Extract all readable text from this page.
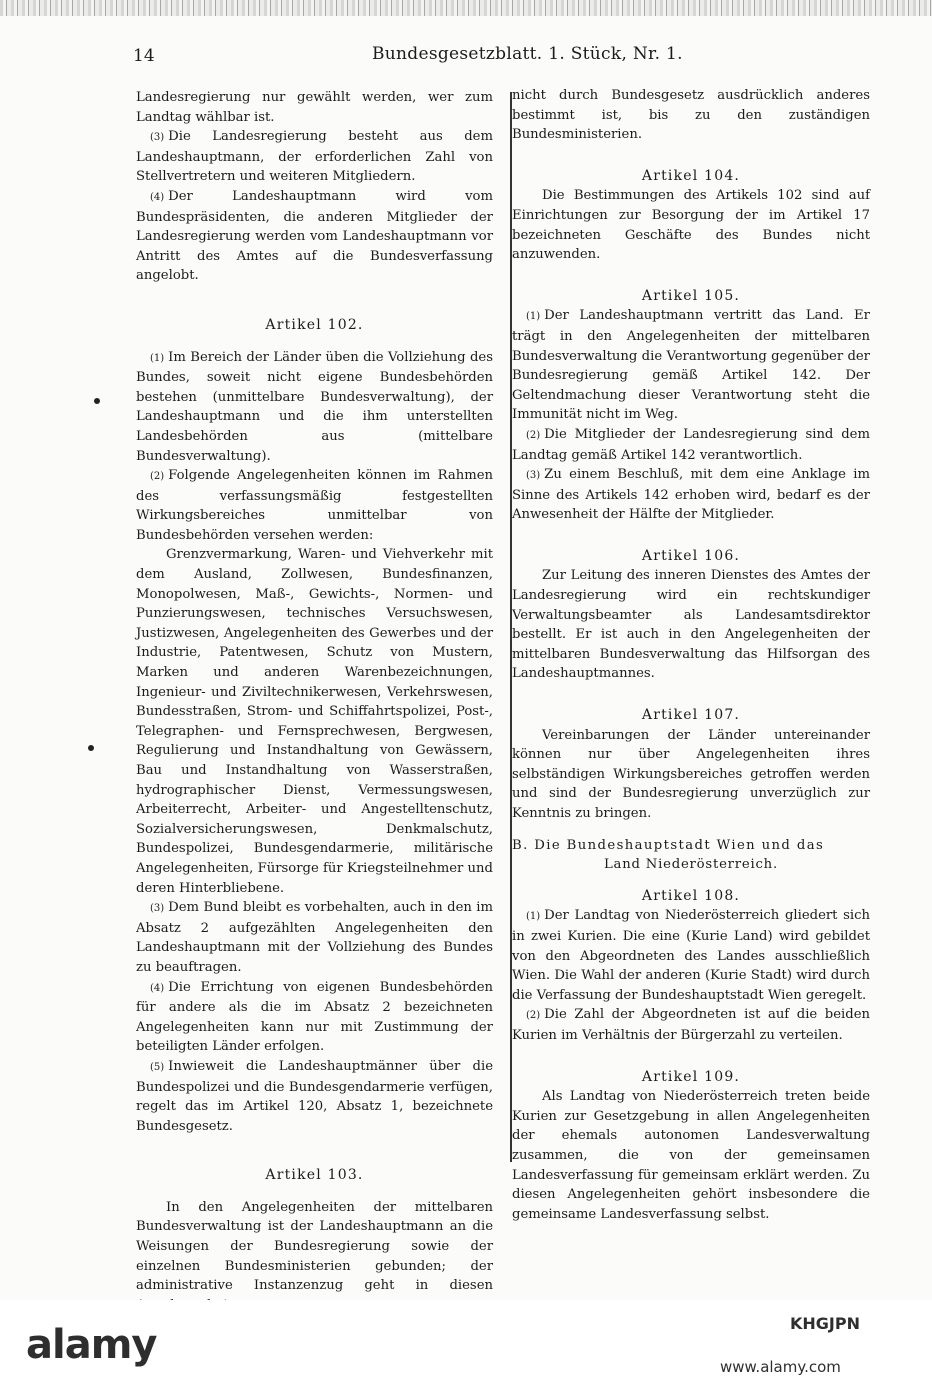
14	Bundesgesetzblatt. 1. Stück, Nr. 1.

Landesregierung nur gewählt werden, wer zum Landtag wählbar ist.

(3) Die Landesregierung besteht aus dem Landeshauptmann, der erforderlichen Zahl von Stellvertretern und weiteren Mitgliedern.

(4) Der Landeshauptmann wird vom Bundespräsidenten, die anderen Mitglieder der Landesregierung werden vom Landeshauptmann vor Antritt des Amtes auf die Bundesverfassung angelobt.

Artikel 102.

(1) Im Bereich der Länder üben die Vollziehung des Bundes, soweit nicht eigene Bundesbehörden bestehen (unmittelbare Bundesverwaltung), der Landeshauptmann und die ihm unterstellten Landesbehörden aus (mittelbare Bundesverwaltung).

(2) Folgende Angelegenheiten können im Rahmen des verfassungsmäßig festgestellten Wirkungsbereiches unmittelbar von Bundesbehörden versehen werden:

Grenzvermarkung, Waren- und Viehverkehr mit dem Ausland, Zollwesen, Bundesfinanzen, Monopolwesen, Maß-, Gewichts-, Normen- und Punzierungswesen, technisches Versuchswesen, Justizwesen, Angelegenheiten des Gewerbes und der Industrie, Patentwesen, Schutz von Mustern, Marken und anderen Warenbezeichnungen, Ingenieur- und Ziviltechnikerwesen, Verkehrswesen, Bundesstraßen, Strom- und Schiffahrtspolizei, Post-, Telegraphen- und Fernsprechwesen, Bergwesen, Regulierung und Instandhaltung von Gewässern, Bau und Instandhaltung von Wasserstraßen, hydrographischer Dienst, Vermessungswesen, Arbeiterrecht, Arbeiter- und Angestelltenschutz, Sozialversicherungswesen, Denkmalschutz, Bundespolizei, Bundesgendarmerie, militärische Angelegenheiten, Fürsorge für Kriegsteilnehmer und deren Hinterbliebene.

(3) Dem Bund bleibt es vorbehalten, auch in den im Absatz 2 aufgezählten Angelegenheiten den Landeshauptmann mit der Vollziehung des Bundes zu beauftragen.

(4) Die Errichtung von eigenen Bundesbehörden für andere als die im Absatz 2 bezeichneten Angelegenheiten kann nur mit Zustimmung der beteiligten Länder erfolgen.

(5) Inwieweit die Landeshauptmänner über die Bundespolizei und die Bundesgendarmerie verfügen, regelt das im Artikel 120, Absatz 1, bezeichnete Bundesgesetz.

Artikel 103.

In den Angelegenheiten der mittelbaren Bundesverwaltung ist der Landeshauptmann an die Weisungen der Bundesregierung sowie der einzelnen Bundesministerien gebunden; der administrative Instanzenzug geht in diesen

nicht durch Bundesgesetz ausdrücklich anderes bestimmt ist, bis zu den zuständigen Bundesministerien.

Artikel 104.

Die Bestimmungen des Artikels 102 sind auf Einrichtungen zur Besorgung der im Artikel 17 bezeichneten Geschäfte des Bundes nicht anzuwenden.

Artikel 105.

(1) Der Landeshauptmann vertritt das Land. Er trägt in den Angelegenheiten der mittelbaren Bundesverwaltung die Verantwortung gegenüber der Bundesregierung gemäß Artikel 142. Der Geltendmachung dieser Verantwortung steht die Immunität nicht im Weg.

(2) Die Mitglieder der Landesregierung sind dem Landtag gemäß Artikel 142 verantwortlich.

(3) Zu einem Beschluß, mit dem eine Anklage im Sinne des Artikels 142 erhoben wird, bedarf es der Anwesenheit der Hälfte der Mitglieder.

Artikel 106.

Zur Leitung des inneren Dienstes des Amtes der Landesregierung wird ein rechtskundiger Verwaltungsbeamter als Landesamtsdirektor bestellt. Er ist auch in den Angelegenheiten der mittelbaren Bundesverwaltung das Hilfsorgan des Landeshauptmannes.

Artikel 107.

Vereinbarungen der Länder untereinander können nur über Angelegenheiten ihres selbständigen Wirkungsbereiches getroffen werden und sind der Bundesregierung unverzüglich zur Kenntnis zu bringen.

B. Die Bundeshauptstadt Wien und das

Land Niederösterreich.

Artikel 108.

(1) Der Landtag von Niederösterreich gliedert sich in zwei Kurien. Die eine (Kurie Land) wird gebildet von den Abgeordneten des Landes ausschließlich Wien. Die Wahl der anderen (Kurie Stadt) wird durch die Verfassung der Bundeshauptstadt Wien geregelt.

(2) Die Zahl der Abgeordneten ist auf die beiden Kurien im Verhältnis der Bürgerzahl zu verteilen.

Artikel 109.

Als Landtag von Niederösterreich treten beide Kurien zur Gesetzgebung in allen Angelegenheiten der ehemals autonomen Landesverwaltung zusammen, die von der gemeinsamen Landesverfassung für gemeinsam erklärt werden. Zu diesen Angelegenheiten gehört insbesondere die gemeinsame Landesverfassung selbst.

alamy	KHGJPN
www.alamy.com
